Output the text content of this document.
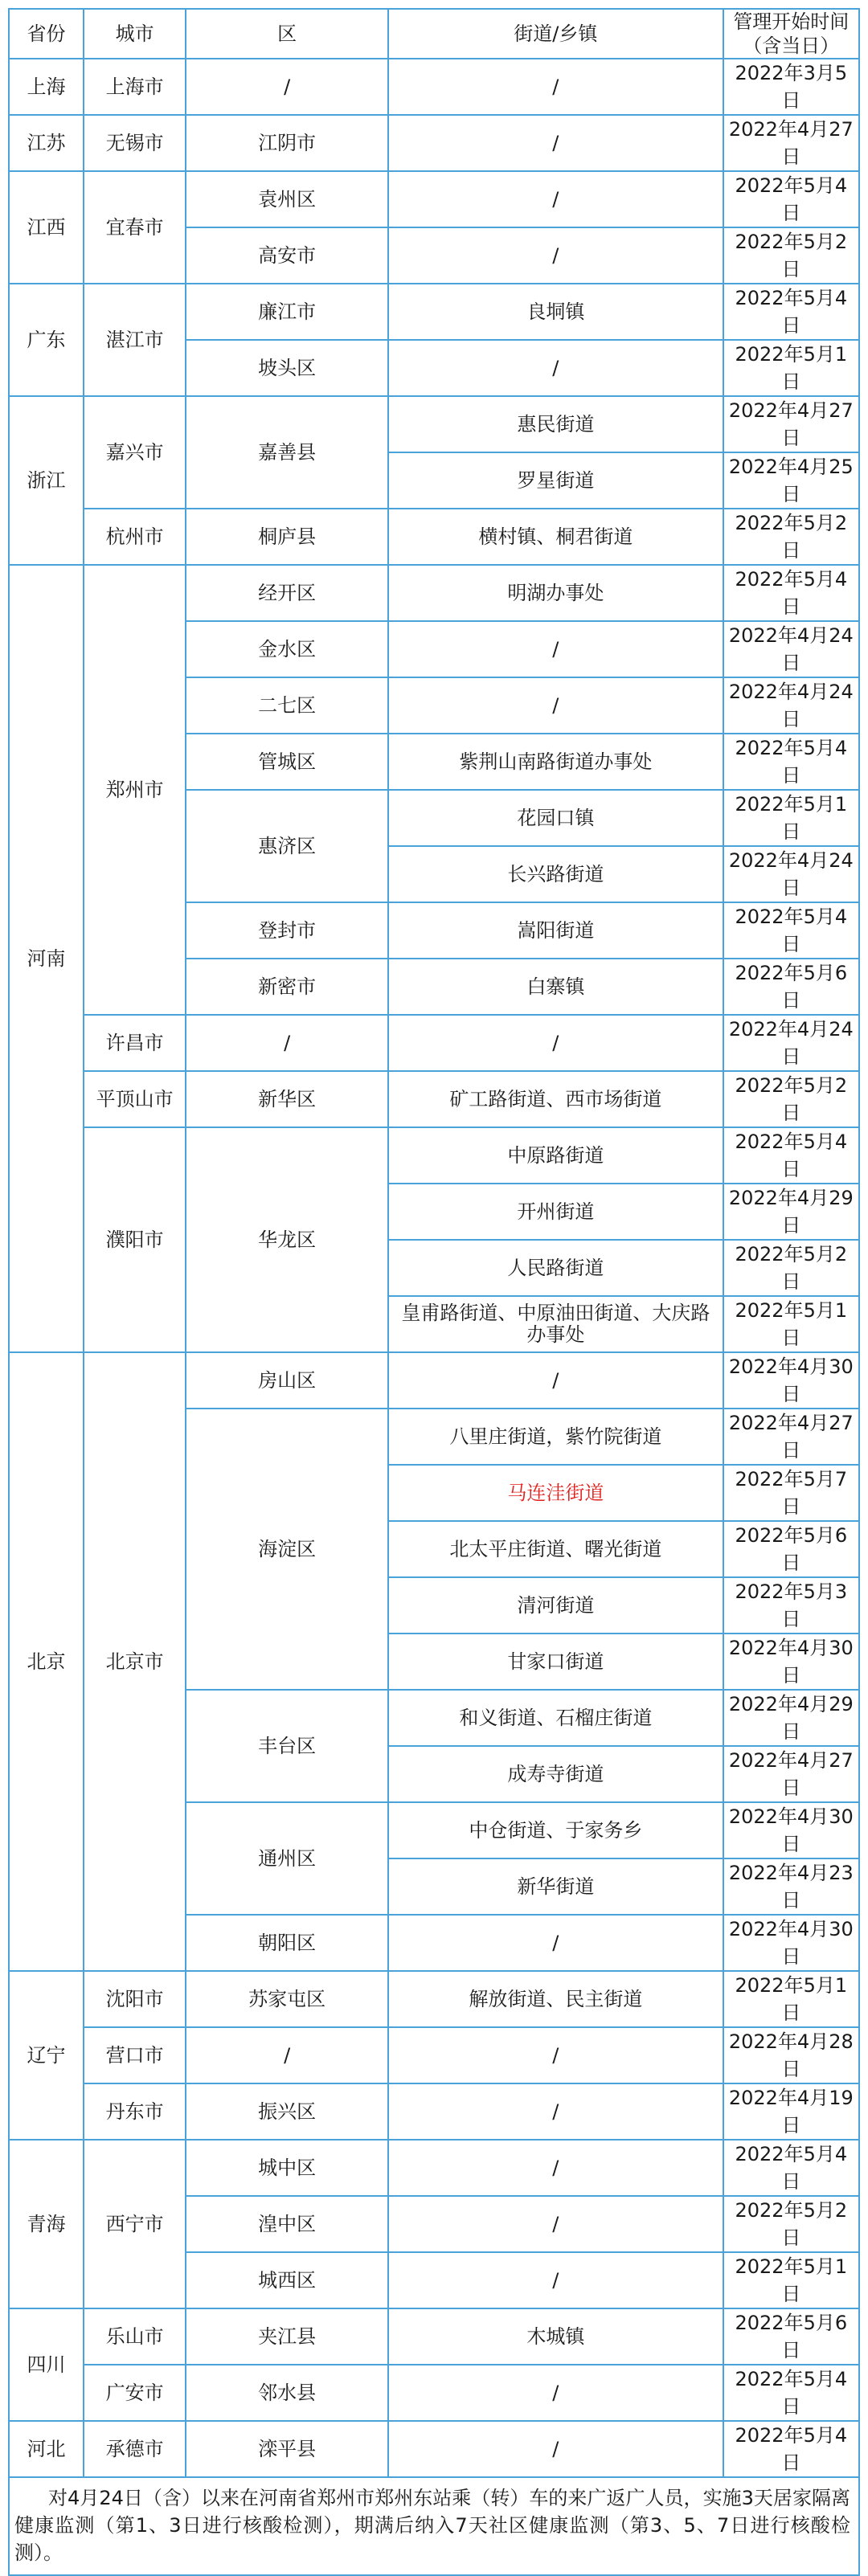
省份	城市	区	街道/乡镇	管理开始时间（含当日）
上海	上海市	/	/	2022年3月5日
江苏	无锡市	江阴市	/	2022年4月27日
江西	宜春市	袁州区	/	2022年5月4日
		高安市	/	2022年5月2日
广东	湛江市	廉江市	良垌镇	2022年5月4日
		坡头区	/	2022年5月1日
浙江	嘉兴市	嘉善县	惠民街道	2022年4月27日
			罗星街道	2022年4月25日
	杭州市	桐庐县	横村镇、桐君街道	2022年5月2日
河南	郑州市	经开区	明湖办事处	2022年5月4日
		金水区	/	2022年4月24日
		二七区	/	2022年4月24日
		管城区	紫荆山南路街道办事处	2022年5月4日
		惠济区	花园口镇	2022年5月1日
			长兴路街道	2022年4月24日
		登封市	嵩阳街道	2022年5月4日
		新密市	白寨镇	2022年5月6日
	许昌市	/	/	2022年4月24日
	平顶山市	新华区	矿工路街道、西市场街道	2022年5月2日
	濮阳市	华龙区	中原路街道	2022年5月4日
			开州街道	2022年4月29日
			人民路街道	2022年5月2日
			皇甫路街道、中原油田街道、大庆路办事处	2022年5月1日
北京	北京市	房山区	/	2022年4月30日
		海淀区	八里庄街道，紫竹院街道	2022年4月27日
			马连洼街道	2022年5月7日
			北太平庄街道、曙光街道	2022年5月6日
			清河街道	2022年5月3日
			甘家口街道	2022年4月30日
		丰台区	和义街道、石榴庄街道	2022年4月29日
			成寿寺街道	2022年4月27日
		通州区	中仓街道、于家务乡	2022年4月30日
			新华街道	2022年4月23日
		朝阳区	/	2022年4月30日
辽宁	沈阳市	苏家屯区	解放街道、民主街道	2022年5月1日
	营口市	/	/	2022年4月28日
	丹东市	振兴区	/	2022年4月19日
青海	西宁市	城中区	/	2022年5月4日
		湟中区	/	2022年5月2日
		城西区	/	2022年5月1日
四川	乐山市	夹江县	木城镇	2022年5月6日
	广安市	邻水县	/	2022年5月4日
河北	承德市	滦平县	/	2022年5月4日
对4月24日（含）以来在河南省郑州市郑州东站乘（转）车的来广返广人员，实施3天居家隔离健康监测（第1、3日进行核酸检测），期满后纳入7天社区健康监测（第3、5、7日进行核酸检测）。
